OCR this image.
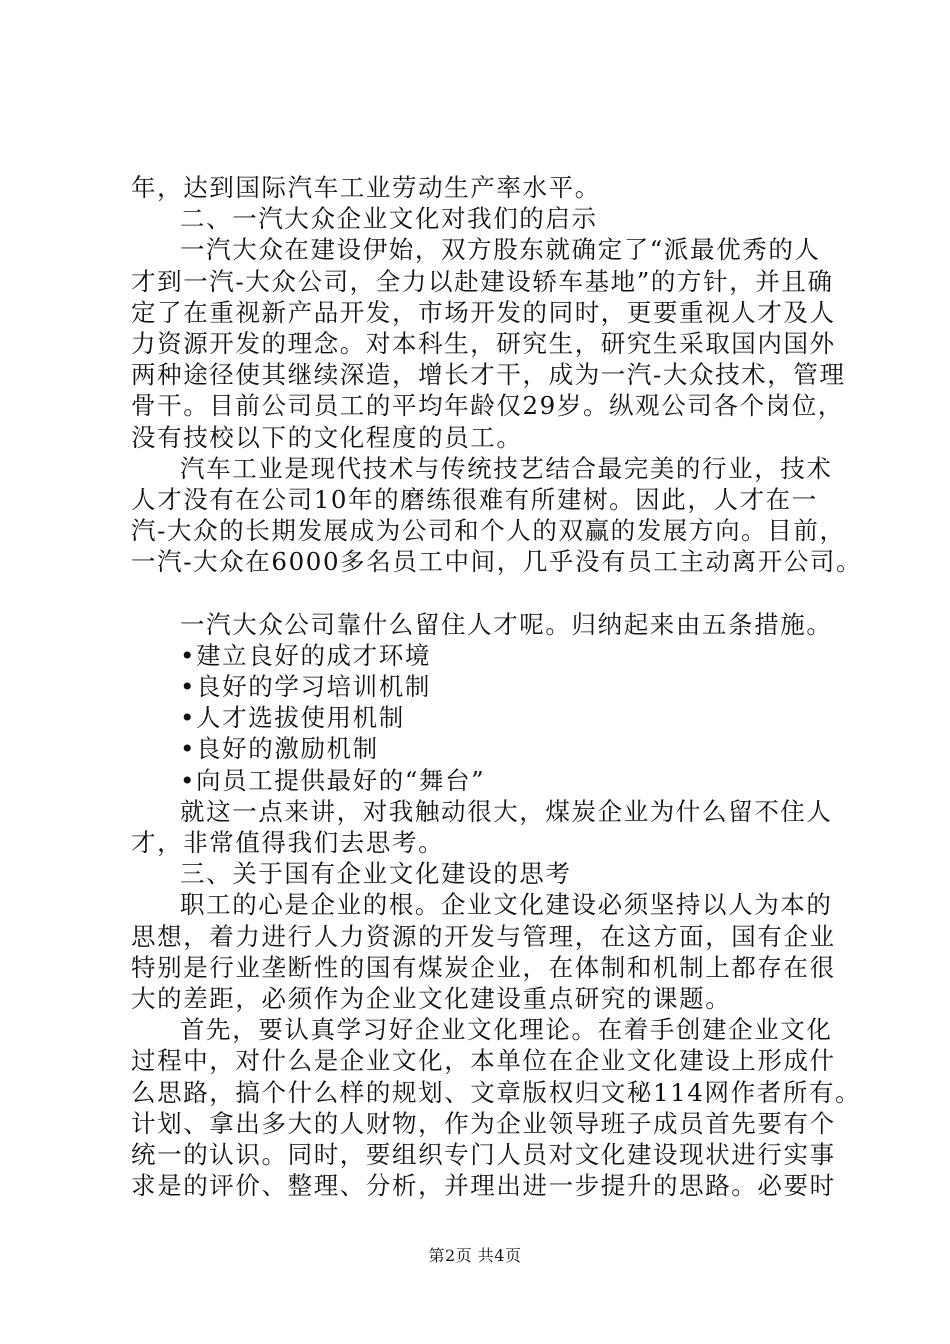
年，达到国际汽车工业劳动生产率水平。

二、一汽大众企业文化对我们的启示

一汽大众在建设伊始，双方股东就确定了“派最优秀的人

才到一汽-大众公司，全力以赴建设轿车基地”的方针，并且确

定了在重视新产品开发，市场开发的同时，更要重视人才及人

力资源开发的理念。对本科生，研究生，研究生采取国内国外

两种途径使其继续深造，增长才干，成为一汽-大众技术，管理

骨干。目前公司员工的平均年龄仅29岁。纵观公司各个岗位，

没有技校以下的文化程度的员工。

汽车工业是现代技术与传统技艺结合最完美的行业，技术

人才没有在公司10年的磨练很难有所建树。因此，人才在一

汽-大众的长期发展成为公司和个人的双赢的发展方向。目前，

一汽-大众在6000多名员工中间，几乎没有员工主动离开公司。

一汽大众公司靠什么留住人才呢。归纳起来由五条措施。

•建立良好的成才环境

•良好的学习培训机制

•人才选拔使用机制

•良好的激励机制

•向员工提供最好的“舞台”

就这一点来讲，对我触动很大，煤炭企业为什么留不住人

才，非常值得我们去思考。

三、关于国有企业文化建设的思考

职工的心是企业的根。企业文化建设必须坚持以人为本的

思想，着力进行人力资源的开发与管理，在这方面，国有企业

特别是行业垄断性的国有煤炭企业，在体制和机制上都存在很

大的差距，必须作为企业文化建设重点研究的课题。

首先，要认真学习好企业文化理论。在着手创建企业文化

过程中，对什么是企业文化，本单位在企业文化建设上形成什

么思路，搞个什么样的规划、文章版权归文秘114网作者所有。

计划、拿出多大的人财物，作为企业领导班子成员首先要有个

统一的认识。同时，要组织专门人员对文化建设现状进行实事

求是的评价、整理、分析，并理出进一步提升的思路。必要时

第2页 共4页
